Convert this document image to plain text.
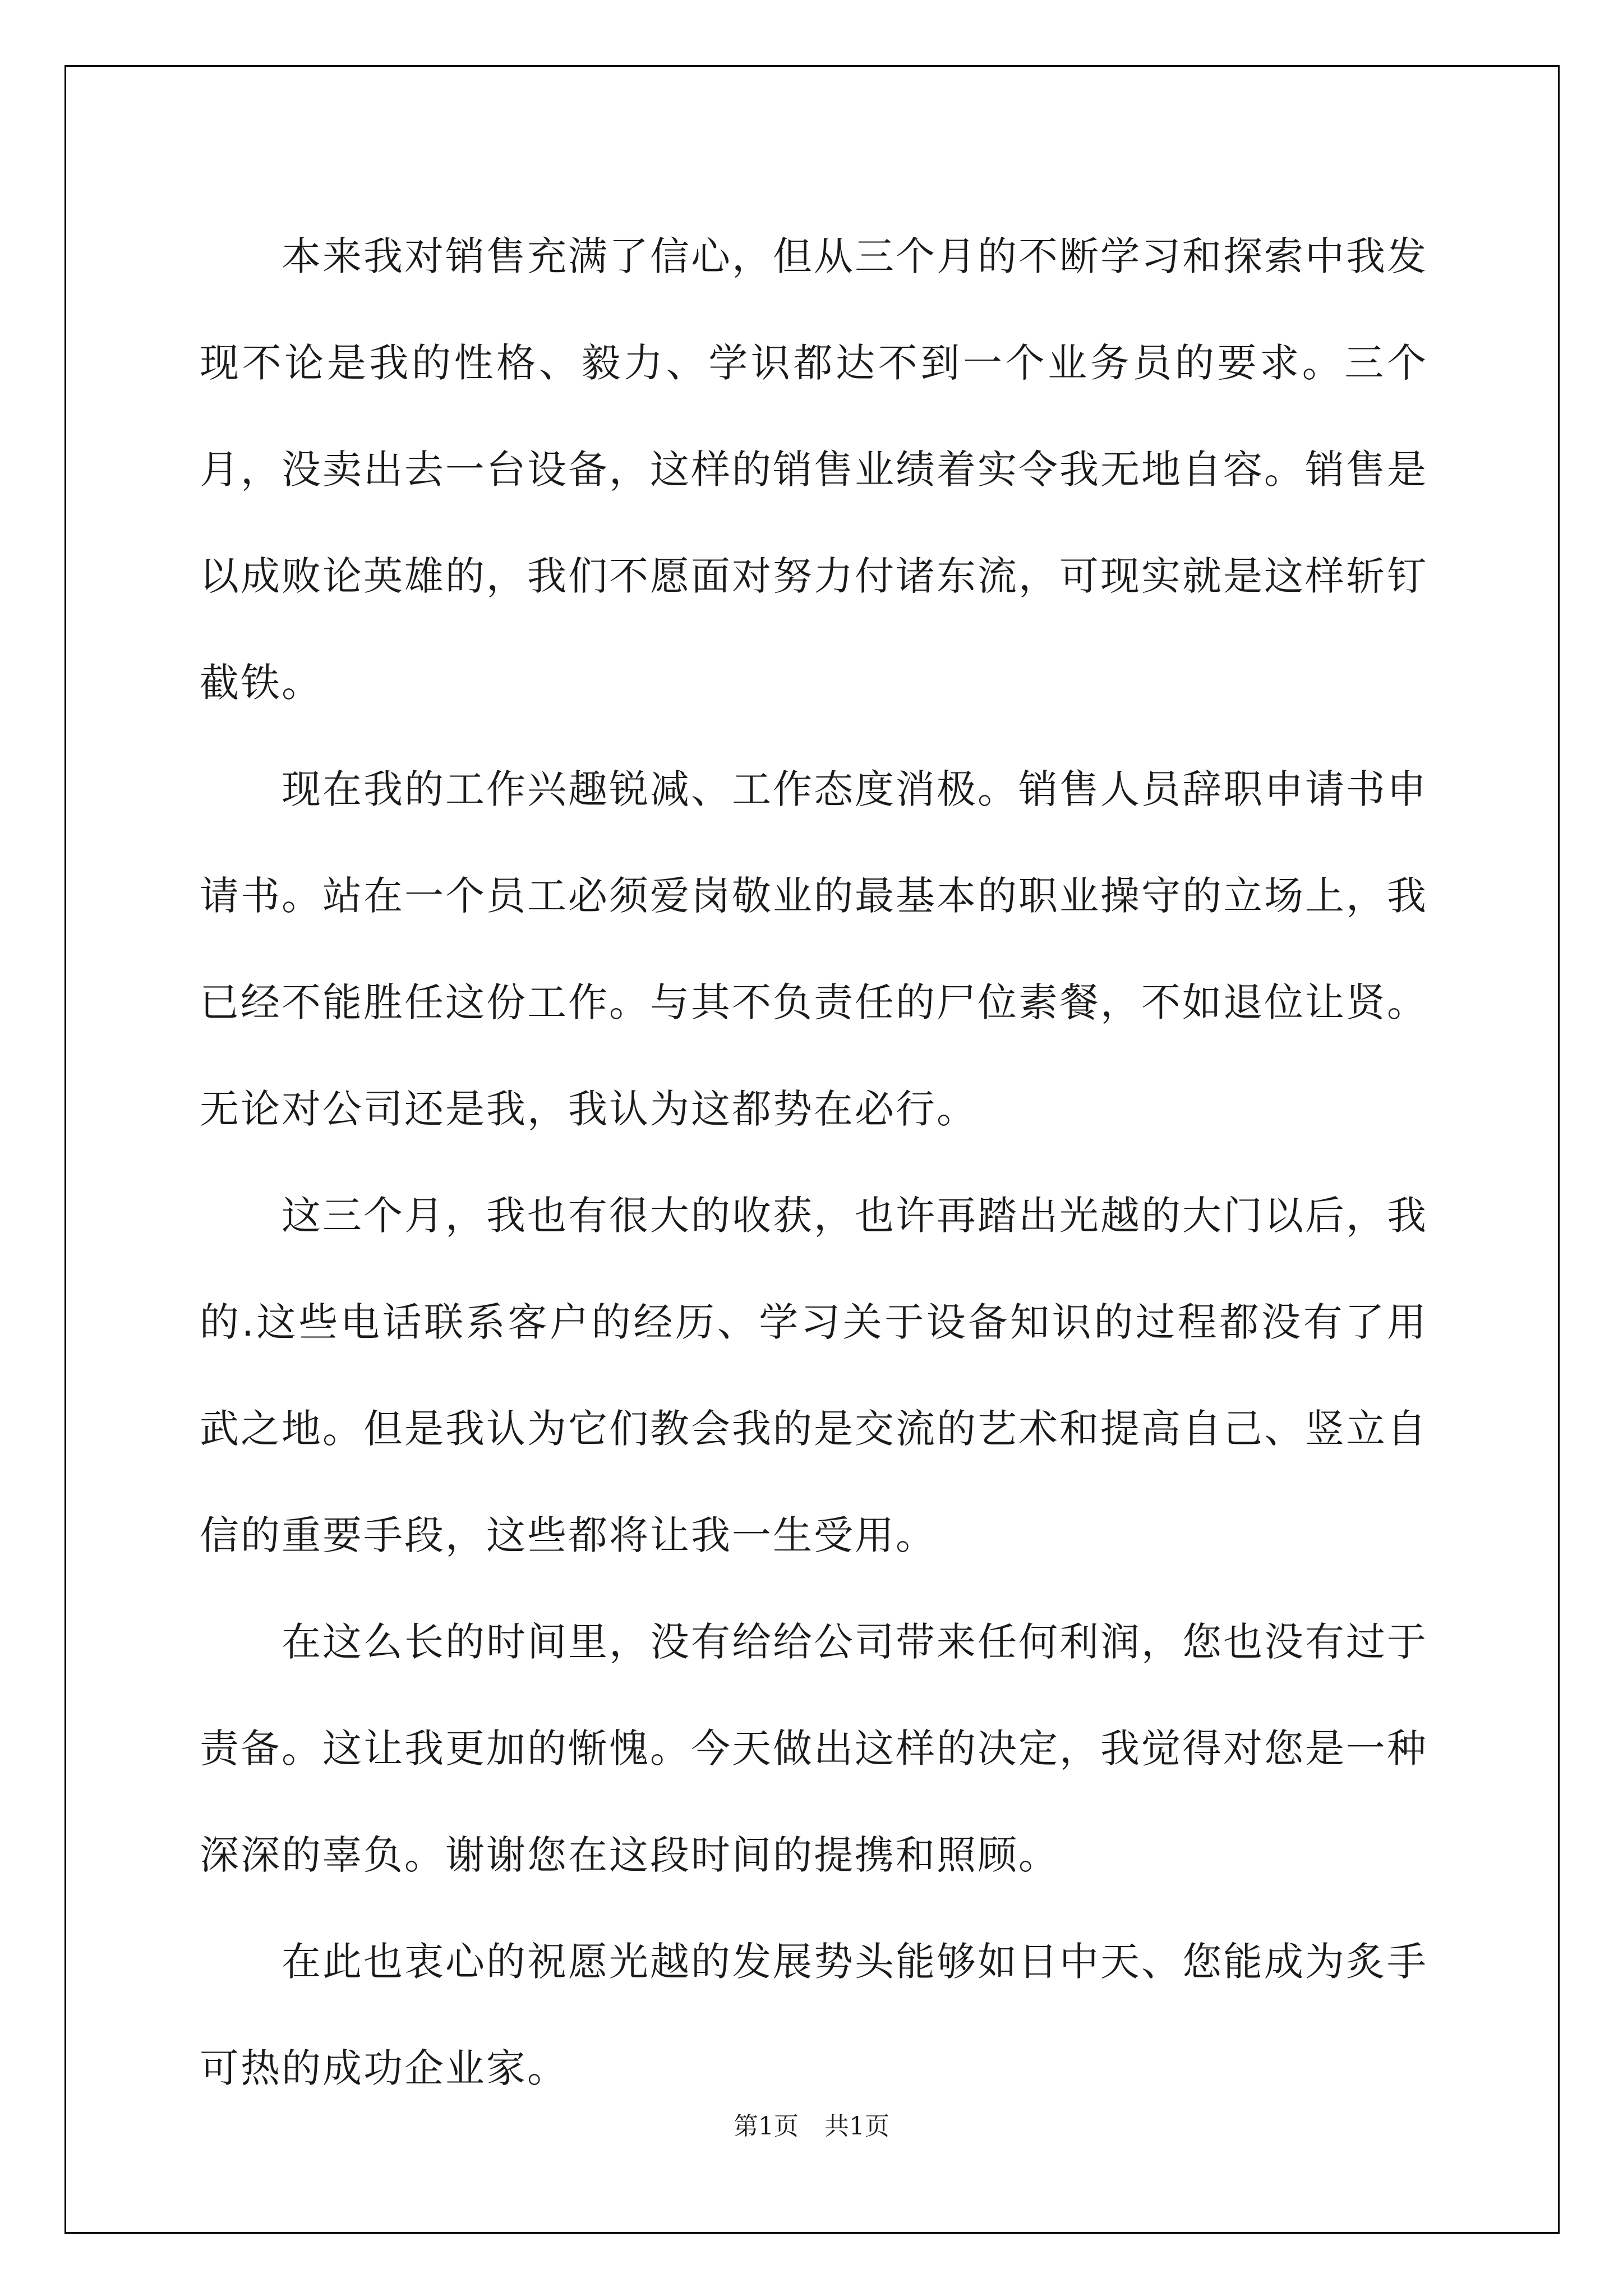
本来我对销售充满了信心，但从三个月的不断学习和探索中我发现不论是我的性格、毅力、学识都达不到一个业务员的要求。三个月，没卖出去一台设备，这样的销售业绩着实令我无地自容。销售是以成败论英雄的，我们不愿面对努力付诸东流，可现实就是这样斩钉截铁。

现在我的工作兴趣锐减、工作态度消极。销售人员辞职申请书申请书。站在一个员工必须爱岗敬业的最基本的职业操守的立场上，我已经不能胜任这份工作。与其不负责任的尸位素餐，不如退位让贤。无论对公司还是我，我认为这都势在必行。

这三个月，我也有很大的收获，也许再踏出光越的大门以后，我的.这些电话联系客户的经历、学习关于设备知识的过程都没有了用武之地。但是我认为它们教会我的是交流的艺术和提高自己、竖立自信的重要手段，这些都将让我一生受用。

在这么长的时间里，没有给给公司带来任何利润，您也没有过于责备。这让我更加的惭愧。今天做出这样的决定，我觉得对您是一种深深的辜负。谢谢您在这段时间的提携和照顾。

在此也衷心的祝愿光越的发展势头能够如日中天、您能成为炙手可热的成功企业家。

第1页 共1页
